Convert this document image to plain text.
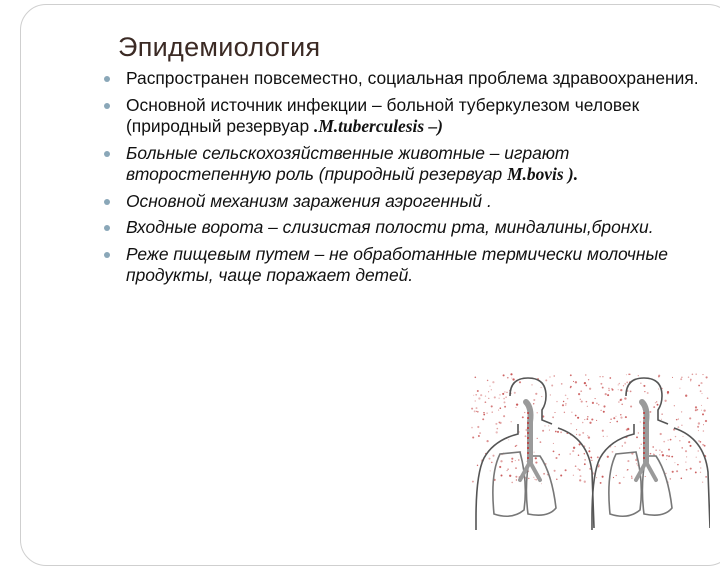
Эпидемиология
Распространен повсеместно, социальная проблема здравоохранения.
Основной источник инфекции – больной туберкулезом человек (природный резервуар .M.tuberculesis –)
Больные сельскохозяйственные животные – играют второстепенную роль (природный резервуар M.bovis ).
Основной механизм заражения аэрогенный .
Входные ворота – слизистая полости рта, миндалины,бронхи.
Реже пищевым путем – не обработанные термически молочные продукты, чаще поражает детей.
